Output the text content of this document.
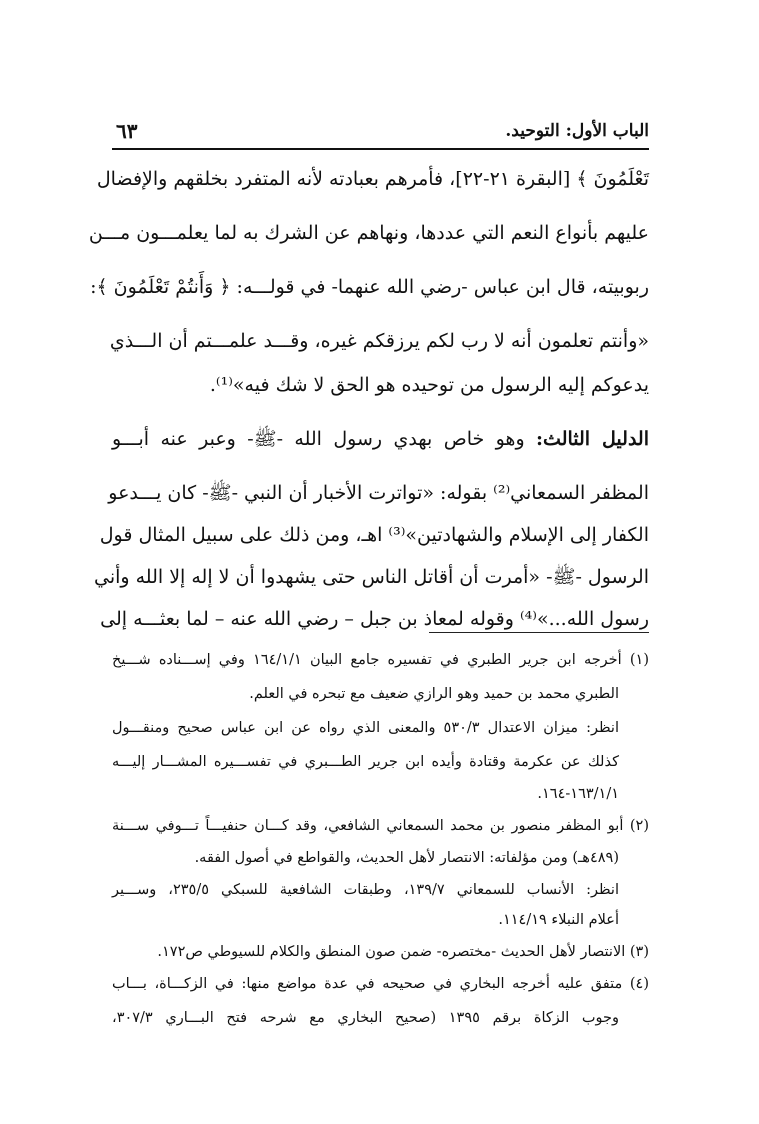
الباب الأول: التوحيد.
٦٣
تَعْلَمُونَ ﴾ [البقرة ٢١-٢٢]، فأمرهم بعبادته لأنه المتفرد بخلقهم والإفضال
عليهم بأنواع النعم التي عددها، ونهاهم عن الشرك به لما يعلمـــون مـــن
ربوبيته، قال ابن عباس -رضي الله عنهما- في قولـــه: ﴿ وَأَنتُمْ تَعْلَمُونَ ﴾:
«وأنتم تعلمون أنه لا رب لكم يرزقكم غيره، وقـــد علمـــتم أن الـــذي
يدعوكم إليه الرسول من توحيده هو الحق لا شك فيه»⁽¹⁾.
الدليل الثالث: وهو خاص بهدي رسول الله -ﷺ- وعبر عنه أبـــو
المظفر السمعاني⁽²⁾ بقوله: «تواترت الأخبار أن النبي -ﷺ- كان يـــدعو
الكفار إلى الإسلام والشهادتين»⁽³⁾ اهـ، ومن ذلك على سبيل المثال قول
الرسول -ﷺ- «أمرت أن أقاتل الناس حتى يشهدوا أن لا إله إلا الله وأني
رسول الله...»⁽⁴⁾ وقوله لمعاذ بن جبل – رضي الله عنه – لما بعثـــه إلى
(١) أخرجه ابن جرير الطبري في تفسيره جامع البيان ١٦٤/١/١ وفي إســـناده شـــيخ
الطبري محمد بن حميد وهو الرازي ضعيف مع تبحره في العلم.
انظر: ميزان الاعتدال ٥٣٠/٣ والمعنى الذي رواه عن ابن عباس صحيح ومنقـــول
كذلك عن عكرمة وقتادة وأيده ابن جرير الطـــبري في تفســـيره المشـــار إليـــه
١٦٣/١/١-١٦٤.
(٢) أبو المظفر منصور بن محمد السمعاني الشافعي، وقد كـــان حنفيـــاً تـــوفي ســـنة
(٤٨٩هـ) ومن مؤلفاته: الانتصار لأهل الحديث، والقواطع في أصول الفقه.
انظر: الأنساب للسمعاني ١٣٩/٧، وطبقات الشافعية للسبكي ٢٣٥/٥، وســـير
أعلام النبلاء ١١٤/١٩.
(٣) الانتصار لأهل الحديث -مختصره- ضمن صون المنطق والكلام للسيوطي ص١٧٢.
(٤) متفق عليه أخرجه البخاري في صحيحه في عدة مواضع منها: في الزكـــاة، بـــاب
وجوب الزكاة برقم ١٣٩٥ (صحيح البخاري مع شرحه فتح البـــاري ٣٠٧/٣،
